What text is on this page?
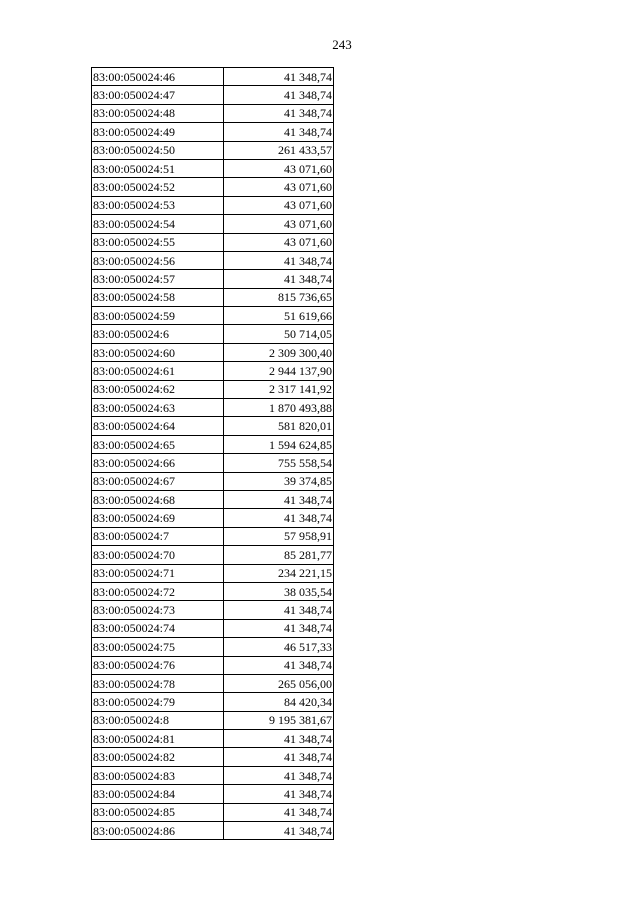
243
83:00:050024:46	41 348,74
83:00:050024:47	41 348,74
83:00:050024:48	41 348,74
83:00:050024:49	41 348,74
83:00:050024:50	261 433,57
83:00:050024:51	43 071,60
83:00:050024:52	43 071,60
83:00:050024:53	43 071,60
83:00:050024:54	43 071,60
83:00:050024:55	43 071,60
83:00:050024:56	41 348,74
83:00:050024:57	41 348,74
83:00:050024:58	815 736,65
83:00:050024:59	51 619,66
83:00:050024:6	50 714,05
83:00:050024:60	2 309 300,40
83:00:050024:61	2 944 137,90
83:00:050024:62	2 317 141,92
83:00:050024:63	1 870 493,88
83:00:050024:64	581 820,01
83:00:050024:65	1 594 624,85
83:00:050024:66	755 558,54
83:00:050024:67	39 374,85
83:00:050024:68	41 348,74
83:00:050024:69	41 348,74
83:00:050024:7	57 958,91
83:00:050024:70	85 281,77
83:00:050024:71	234 221,15
83:00:050024:72	38 035,54
83:00:050024:73	41 348,74
83:00:050024:74	41 348,74
83:00:050024:75	46 517,33
83:00:050024:76	41 348,74
83:00:050024:78	265 056,00
83:00:050024:79	84 420,34
83:00:050024:8	9 195 381,67
83:00:050024:81	41 348,74
83:00:050024:82	41 348,74
83:00:050024:83	41 348,74
83:00:050024:84	41 348,74
83:00:050024:85	41 348,74
83:00:050024:86	41 348,74
